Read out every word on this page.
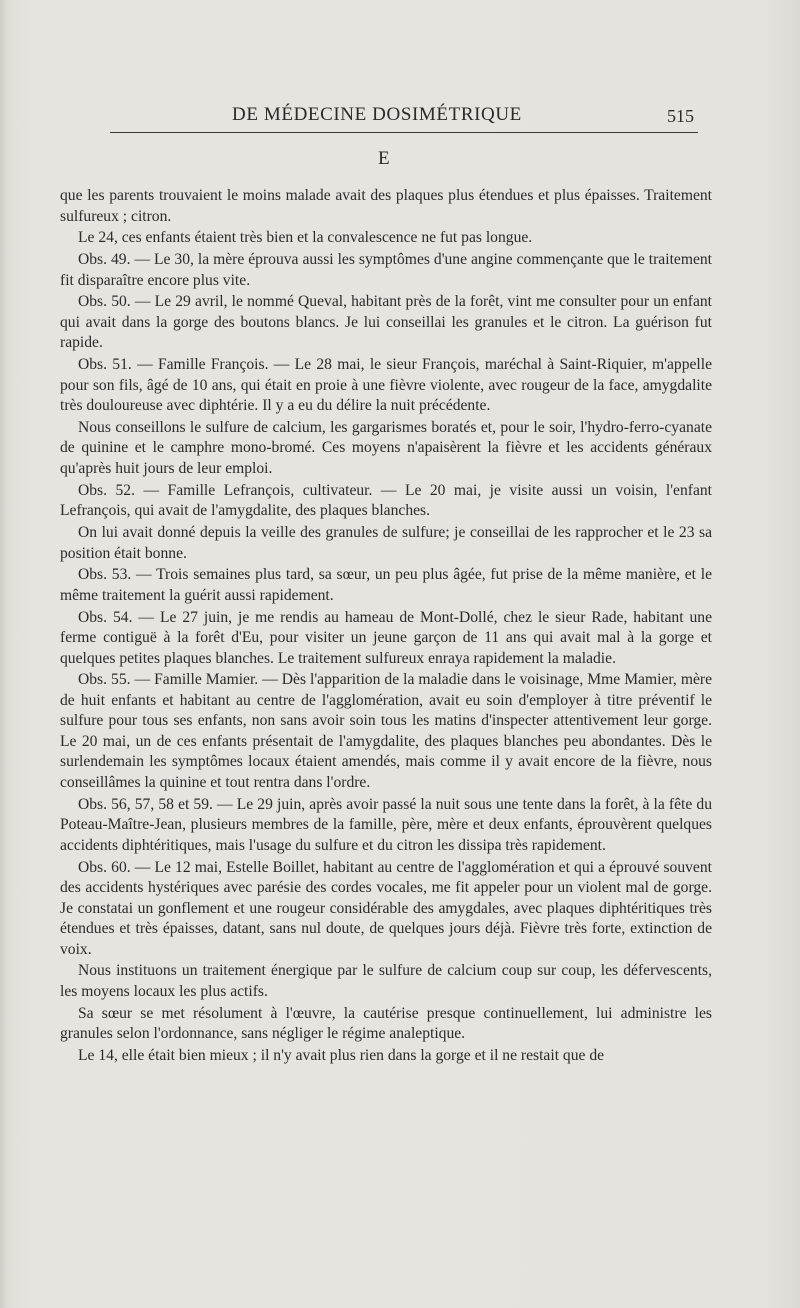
DE MÉDECINE DOSIMÉTRIQUE	515
E

que les parents trouvaient le moins malade avait des plaques plus étendues et plus épaisses. Traitement sulfureux ; citron.

Le 24, ces enfants étaient très bien et la convalescence ne fut pas longue.

Obs. 49. — Le 30, la mère éprouva aussi les symptômes d'une angine commençante que le traitement fit disparaître encore plus vite.

Obs. 50. — Le 29 avril, le nommé Queval, habitant près de la forêt, vint me consulter pour un enfant qui avait dans la gorge des boutons blancs. Je lui conseillai les granules et le citron. La guérison fut rapide.

Obs. 51. — Famille François. — Le 28 mai, le sieur François, maréchal à Saint-Riquier, m'appelle pour son fils, âgé de 10 ans, qui était en proie à une fièvre violente, avec rougeur de la face, amygdalite très douloureuse avec diphtérie. Il y a eu du délire la nuit précédente.

Nous conseillons le sulfure de calcium, les gargarismes boratés et, pour le soir, l'hydro-ferro-cyanate de quinine et le camphre mono-bromé. Ces moyens n'apaisèrent la fièvre et les accidents généraux qu'après huit jours de leur emploi.

Obs. 52. — Famille Lefrançois, cultivateur. — Le 20 mai, je visite aussi un voisin, l'enfant Lefrançois, qui avait de l'amygdalite, des plaques blanches.

On lui avait donné depuis la veille des granules de sulfure; je conseillai de les rapprocher et le 23 sa position était bonne.

Obs. 53. — Trois semaines plus tard, sa sœur, un peu plus âgée, fut prise de la même manière, et le même traitement la guérit aussi rapidement.

Obs. 54. — Le 27 juin, je me rendis au hameau de Mont-Dollé, chez le sieur Rade, habitant une ferme contiguë à la forêt d'Eu, pour visiter un jeune garçon de 11 ans qui avait mal à la gorge et quelques petites plaques blanches. Le traitement sulfureux enraya rapidement la maladie.

Obs. 55. — Famille Mamier. — Dès l'apparition de la maladie dans le voisinage, Mme Mamier, mère de huit enfants et habitant au centre de l'agglomération, avait eu soin d'employer à titre préventif le sulfure pour tous ses enfants, non sans avoir soin tous les matins d'inspecter attentivement leur gorge. Le 20 mai, un de ces enfants présentait de l'amygdalite, des plaques blanches peu abondantes. Dès le surlendemain les symptômes locaux étaient amendés, mais comme il y avait encore de la fièvre, nous conseillâmes la quinine et tout rentra dans l'ordre.

Obs. 56, 57, 58 et 59. — Le 29 juin, après avoir passé la nuit sous une tente dans la forêt, à la fête du Poteau-Maître-Jean, plusieurs membres de la famille, père, mère et deux enfants, éprouvèrent quelques accidents diphtéritiques, mais l'usage du sulfure et du citron les dissipa très rapidement.

Obs. 60. — Le 12 mai, Estelle Boillet, habitant au centre de l'agglomération et qui a éprouvé souvent des accidents hystériques avec parésie des cordes vocales, me fit appeler pour un violent mal de gorge. Je constatai un gonflement et une rougeur considérable des amygdales, avec plaques diphtéritiques très étendues et très épaisses, datant, sans nul doute, de quelques jours déjà. Fièvre très forte, extinction de voix.

Nous instituons un traitement énergique par le sulfure de calcium coup sur coup, les défervescents, les moyens locaux les plus actifs.

Sa sœur se met résolument à l'œuvre, la cautérise presque continuellement, lui administre les granules selon l'ordonnance, sans négliger le régime analeptique.

Le 14, elle était bien mieux ; il n'y avait plus rien dans la gorge et il ne restait que de
